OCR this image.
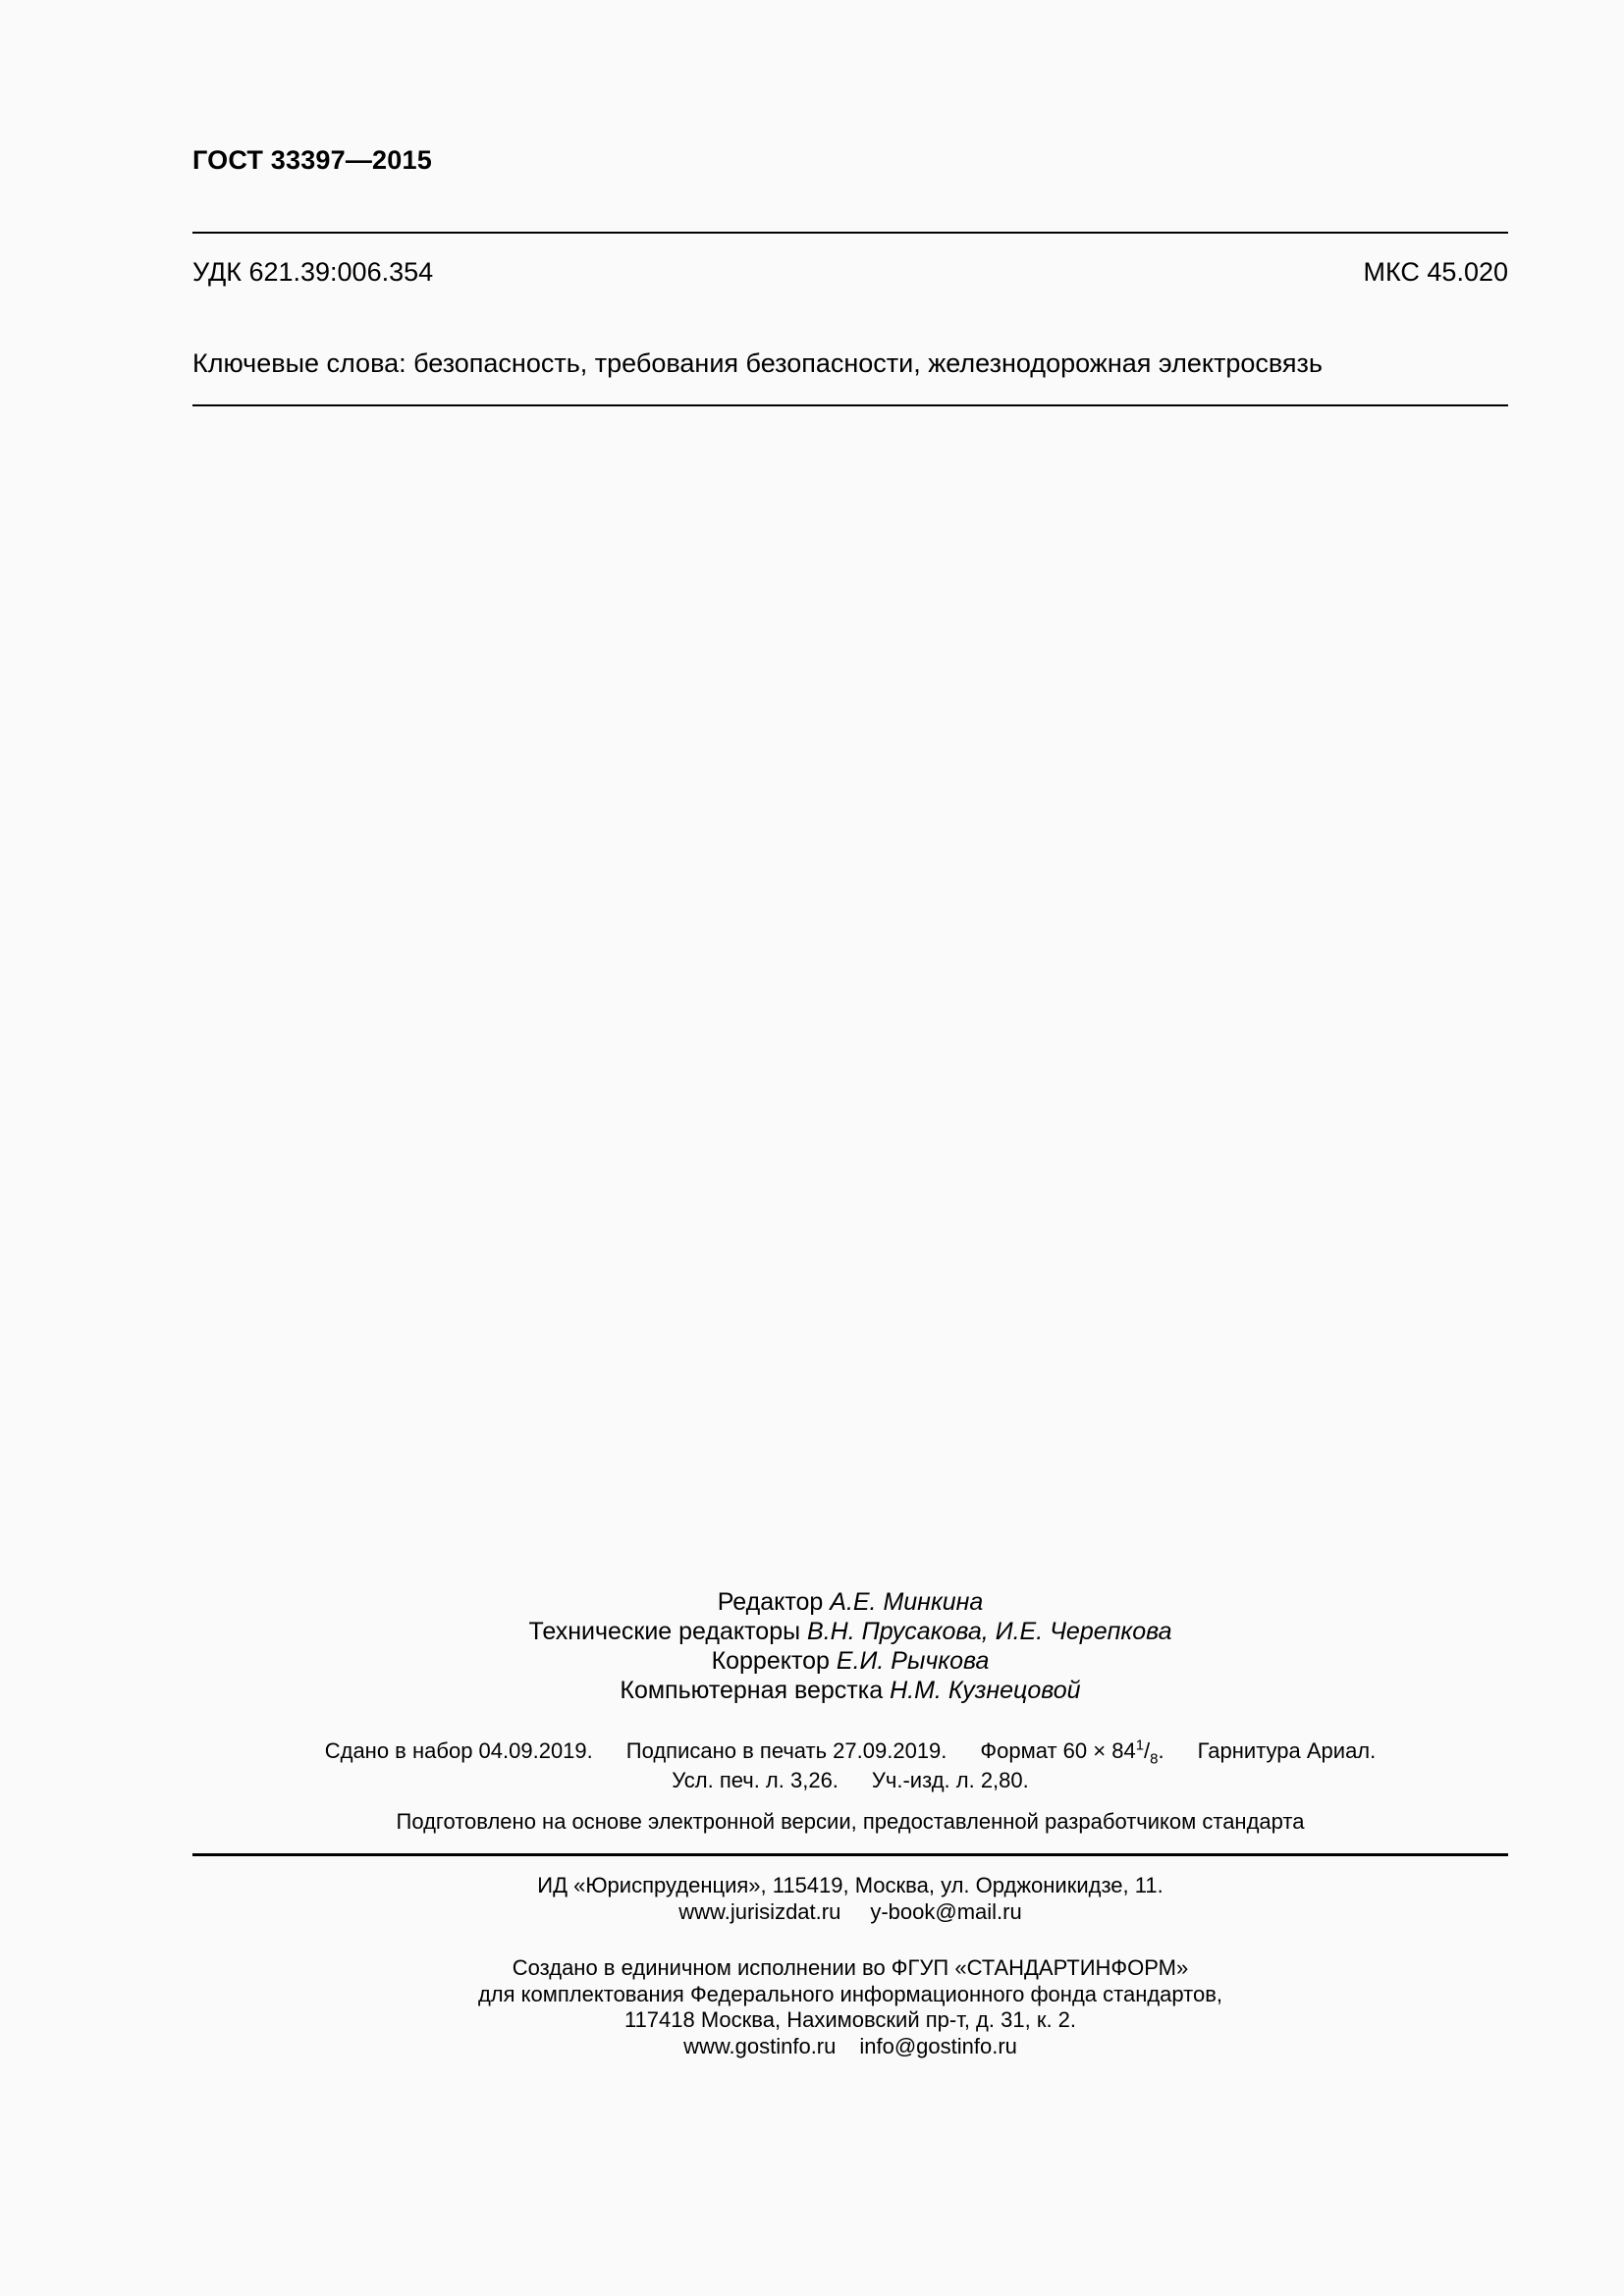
ГОСТ 33397—2015
УДК 621.39:006.354	МКС 45.020
Ключевые слова: безопасность, требования безопасности, железнодорожная электросвязь
Редактор А.Е. Минкина
Технические редакторы В.Н. Прусакова, И.Е. Черепкова
Корректор Е.И. Рычкова
Компьютерная верстка Н.М. Кузнецовой
Сдано в набор 04.09.2019. Подписано в печать 27.09.2019. Формат $60 \times 84^1/_8$. Гарнитура Ариал.
Усл. печ. л. 3,26. Уч.-изд. л. 2,80.
Подготовлено на основе электронной версии, предоставленной разработчиком стандарта
ИД «Юриспруденция», 115419, Москва, ул. Орджоникидзе, 11.
www.jurisizdat.ru y-book@mail.ru
Создано в единичном исполнении во ФГУП «СТАНДАРТИНФОРМ»
для комплектования Федерального информационного фонда стандартов,
117418 Москва, Нахимовский пр-т, д. 31, к. 2.
www.gostinfo.ru info@gostinfo.ru
